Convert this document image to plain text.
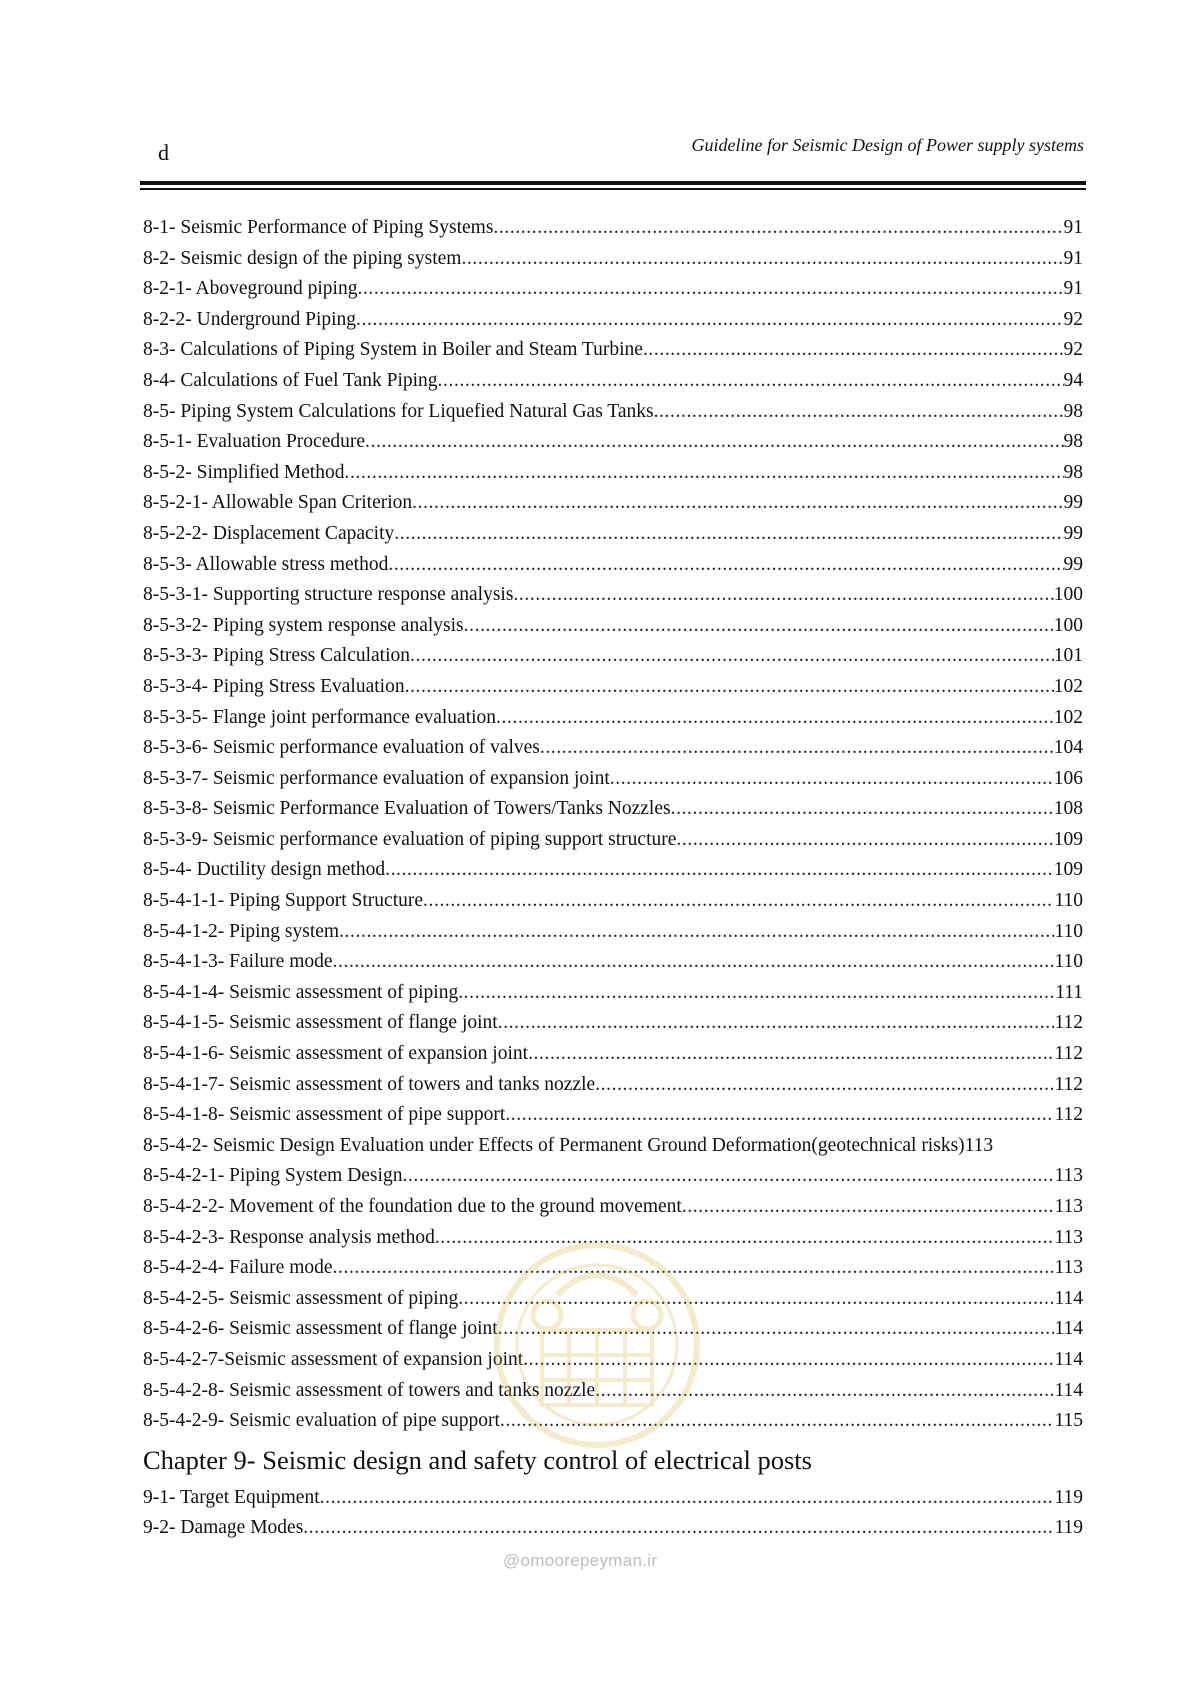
d	Guideline for Seismic Design of Power supply systems
8-1- Seismic Performance of Piping Systems .....	91
8-2- Seismic design of the piping system .....	91
8-2-1- Aboveground piping .....	91
8-2-2- Underground Piping .....	92
8-3- Calculations of Piping System in Boiler and Steam Turbine .....	92
8-4- Calculations of Fuel Tank Piping .....	94
8-5- Piping System Calculations for Liquefied Natural Gas Tanks .....	98
8-5-1- Evaluation Procedure .....	98
8-5-2- Simplified Method .....	98
8-5-2-1- Allowable Span Criterion .....	99
8-5-2-2- Displacement Capacity .....	99
8-5-3- Allowable stress method .....	99
8-5-3-1- Supporting structure response analysis .....	100
8-5-3-2- Piping system response analysis .....	100
8-5-3-3- Piping Stress Calculation .....	101
8-5-3-4- Piping Stress Evaluation .....	102
8-5-3-5- Flange joint performance evaluation .....	102
8-5-3-6- Seismic performance evaluation of valves .....	104
8-5-3-7- Seismic performance evaluation of expansion joint .....	106
8-5-3-8- Seismic Performance Evaluation of Towers/Tanks Nozzles .....	108
8-5-3-9- Seismic performance evaluation of piping support structure .....	109
8-5-4- Ductility design method .....	109
8-5-4-1-1- Piping Support Structure .....	110
8-5-4-1-2- Piping system .....	110
8-5-4-1-3- Failure mode .....	110
8-5-4-1-4- Seismic assessment of piping .....	111
8-5-4-1-5- Seismic assessment of flange joint .....	112
8-5-4-1-6- Seismic assessment of expansion joint .....	112
8-5-4-1-7- Seismic assessment of towers and tanks nozzle .....	112
8-5-4-1-8- Seismic assessment of pipe support .....	112
8-5-4-2- Seismic Design Evaluation under Effects of Permanent Ground Deformation(geotechnical risks) 113
8-5-4-2-1- Piping System Design .....	113
8-5-4-2-2- Movement of the foundation due to the ground movement .....	113
8-5-4-2-3- Response analysis method .....	113
8-5-4-2-4- Failure mode .....	113
8-5-4-2-5- Seismic assessment of piping .....	114
8-5-4-2-6- Seismic assessment of flange joint .....	114
8-5-4-2-7-Seismic assessment of expansion joint .....	114
8-5-4-2-8- Seismic assessment of towers and tanks nozzle .....	114
8-5-4-2-9- Seismic evaluation of pipe support .....	115
Chapter 9- Seismic design and safety control of electrical posts
9-1- Target Equipment .....	119
9-2- Damage Modes .....	119
@omoorepeyman.ir
